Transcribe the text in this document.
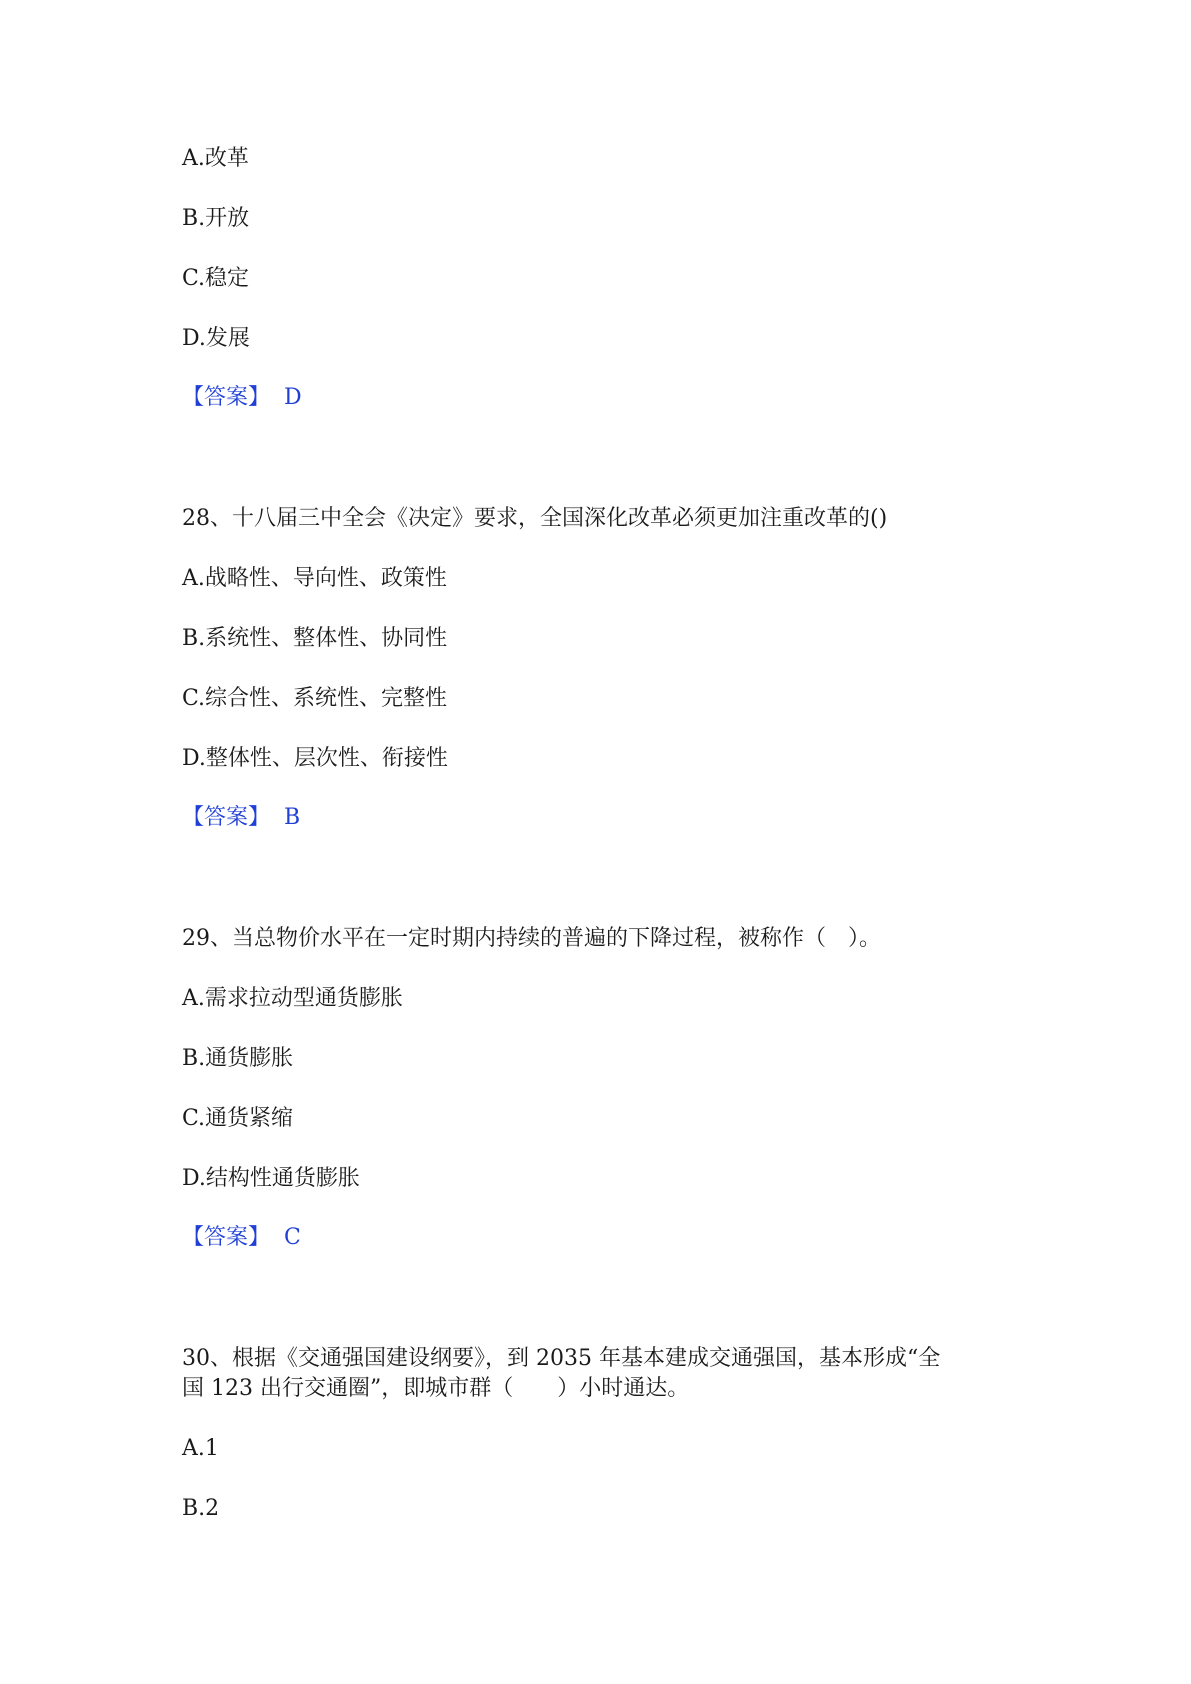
A.改革
B.开放
C.稳定
D.发展
【答案】 D
28、十八届三中全会《决定》要求，全国深化改革必须更加注重改革的()
A.战略性、导向性、政策性
B.系统性、整体性、协同性
C.综合性、系统性、完整性
D.整体性、层次性、衔接性
【答案】 B
29、当总物价水平在一定时期内持续的普遍的下降过程，被称作（　）。
A.需求拉动型通货膨胀
B.通货膨胀
C.通货紧缩
D.结构性通货膨胀
【答案】 C
30、根据《交通强国建设纲要》，到 2035 年基本建成交通强国，基本形成“全
国 123 出行交通圈”，即城市群（　　）小时通达。
A.1
B.2
